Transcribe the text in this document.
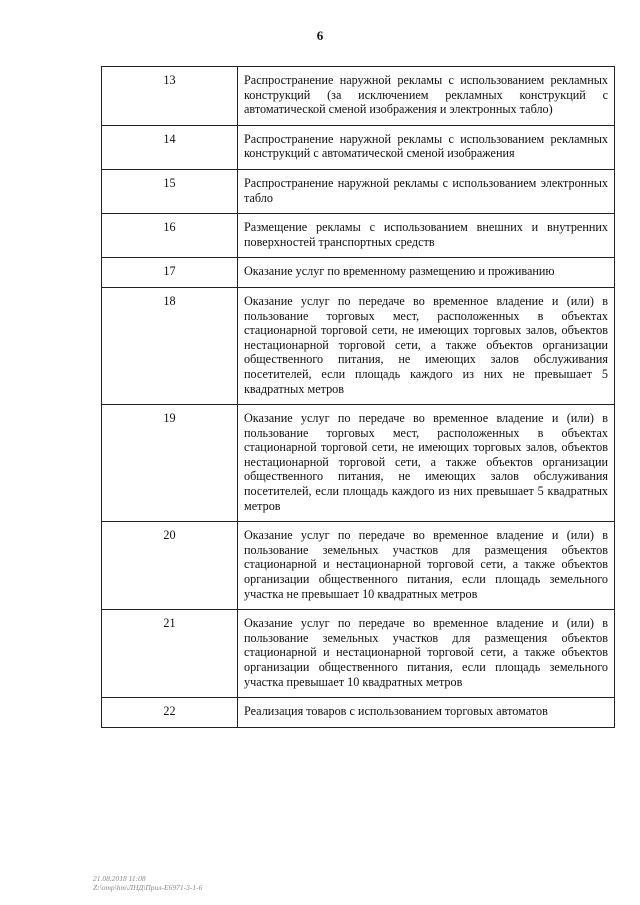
6
13	Распространение наружной рекламы с использованием рекламных конструкций (за исключением рекламных конструкций с автоматической сменой изображения и электронных табло)
14	Распространение наружной рекламы с использованием рекламных конструкций с автоматической сменой изображения
15	Распространение наружной рекламы с использованием электронных табло
16	Размещение рекламы с использованием внешних и внутренних поверхностей транспортных средств
17	Оказание услуг по временному размещению и проживанию
18	Оказание услуг по передаче во временное владение и (или) в пользование торговых мест, расположенных в объектах стационарной торговой сети, не имеющих торговых залов, объектов нестационарной торговой сети, а также объектов организации общественного питания, не имеющих залов обслуживания посетителей, если площадь каждого из них не превышает 5 квадратных метров
19	Оказание услуг по передаче во временное владение и (или) в пользование торговых мест, расположенных в объектах стационарной торговой сети, не имеющих торговых залов, объектов нестационарной торговой сети, а также объектов организации общественного питания, не имеющих залов обслуживания посетителей, если площадь каждого из них превышает 5 квадратных метров
20	Оказание услуг по передаче во временное владение и (или) в пользование земельных участков для размещения объектов стационарной и нестационарной торговой сети, а также объектов организации общественного питания, если площадь земельного участка не превышает 10 квадратных метров
21	Оказание услуг по передаче во временное владение и (или) в пользование земельных участков для размещения объектов стационарной и нестационарной торговой сети, а также объектов организации общественного питания, если площадь земельного участка превышает 10 квадратных метров
22	Реализация товаров с использованием торговых автоматов
21.08.2018 11:08
Z:\omp\hm\ЛНД\Прил-Е6971-3-1-6
